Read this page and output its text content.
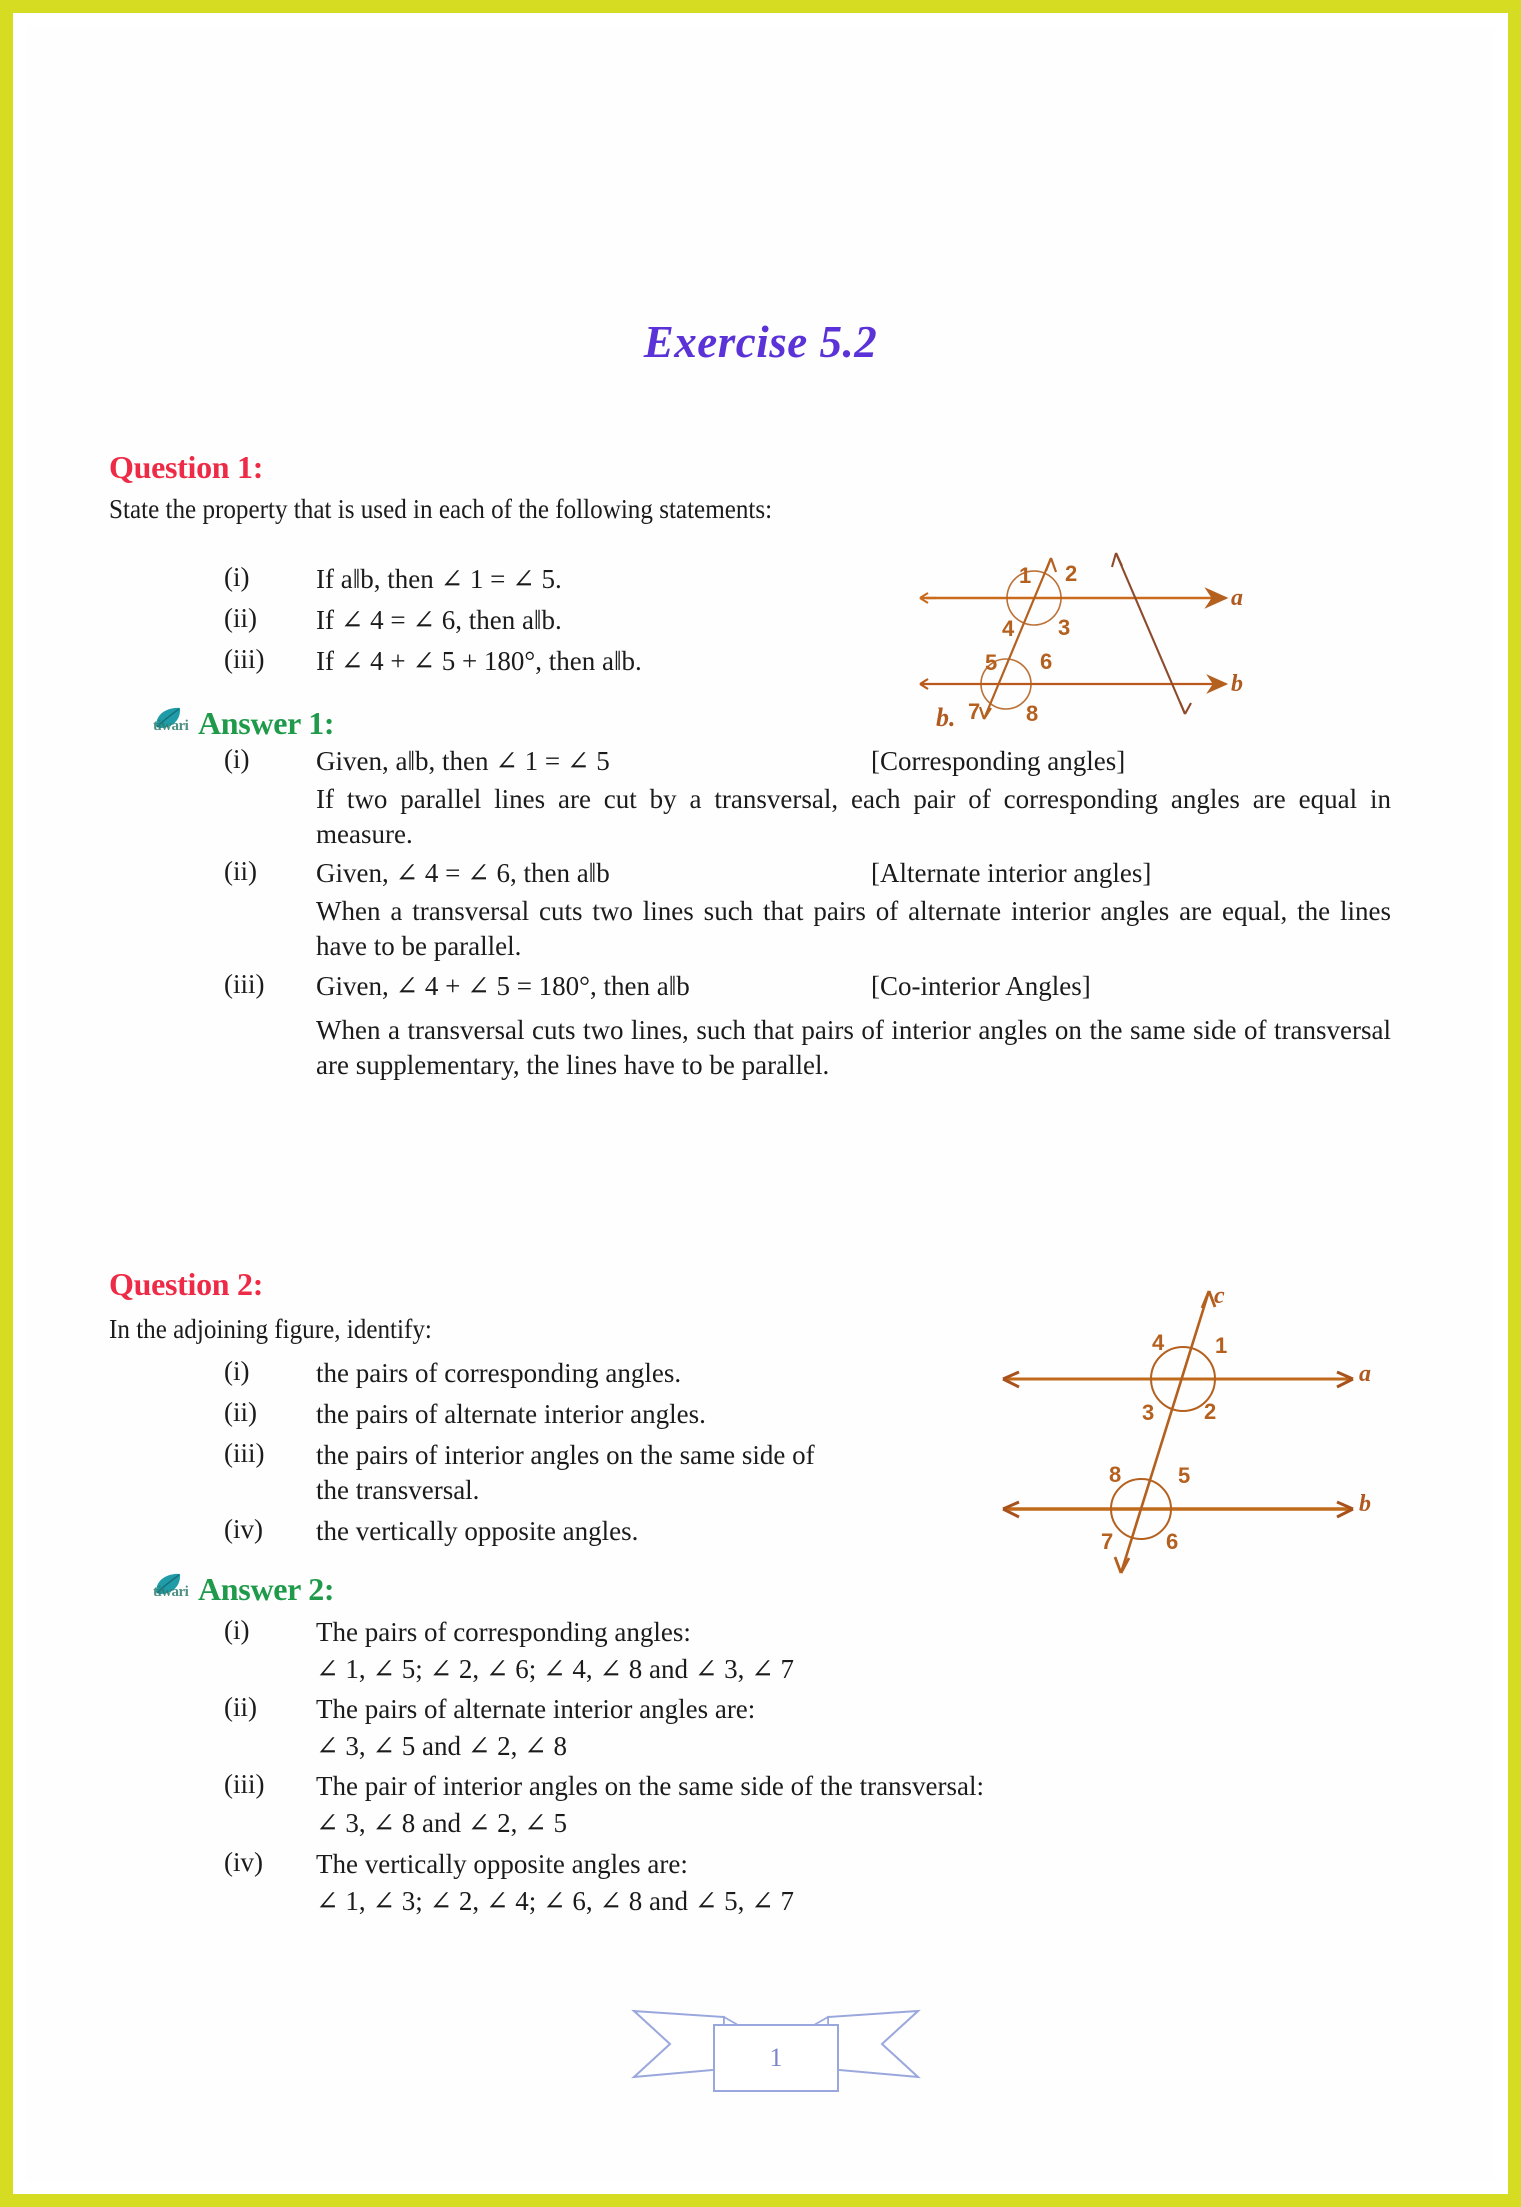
Exercise 5.2
Question 1:
State the property that is used in each of the following statements:
(i)	If a‖b, then ∠ 1 = ∠ 5.
(ii)	If ∠ 4 = ∠ 6, then a‖b.
(iii)	If ∠ 4 + ∠ 5 + 180°, then a‖b.
a
b
b.
1 2
3
4
5 6
7 8
tiwari Answer 1:
(i)	Given, a‖b, then ∠ 1 = ∠ 5	[Corresponding angles]
If two parallel lines are cut by a transversal, each pair of corresponding angles are equal in measure.
(ii)	Given, ∠ 4 = ∠ 6, then a‖b	[Alternate interior angles]
When a transversal cuts two lines such that pairs of alternate interior angles are equal, the lines have to be parallel.
(iii)	Given, ∠ 4 + ∠ 5 = 180°, then a‖b	[Co-interior Angles]
When a transversal cuts two lines, such that pairs of interior angles on the same side of transversal are supplementary, the lines have to be parallel.
Question 2:
In the adjoining figure, identify:
(i)	the pairs of corresponding angles.
(ii)	the pairs of alternate interior angles.
(iii)	the pairs of interior angles on the same side of the transversal.
(iv)	the vertically opposite angles.
c
a
b
1
2
3
4
5
6
7
8
tiwari Answer 2:
(i)	The pairs of corresponding angles:
∠ 1, ∠ 5; ∠ 2, ∠ 6; ∠ 4, ∠ 8 and ∠ 3, ∠ 7
(ii)	The pairs of alternate interior angles are:
∠ 3, ∠ 5 and ∠ 2, ∠ 8
(iii)	The pair of interior angles on the same side of the transversal:
∠ 3, ∠ 8 and ∠ 2, ∠ 5
(iv)	The vertically opposite angles are:
∠ 1, ∠ 3; ∠ 2, ∠ 4; ∠ 6, ∠ 8 and ∠ 5, ∠ 7
1
